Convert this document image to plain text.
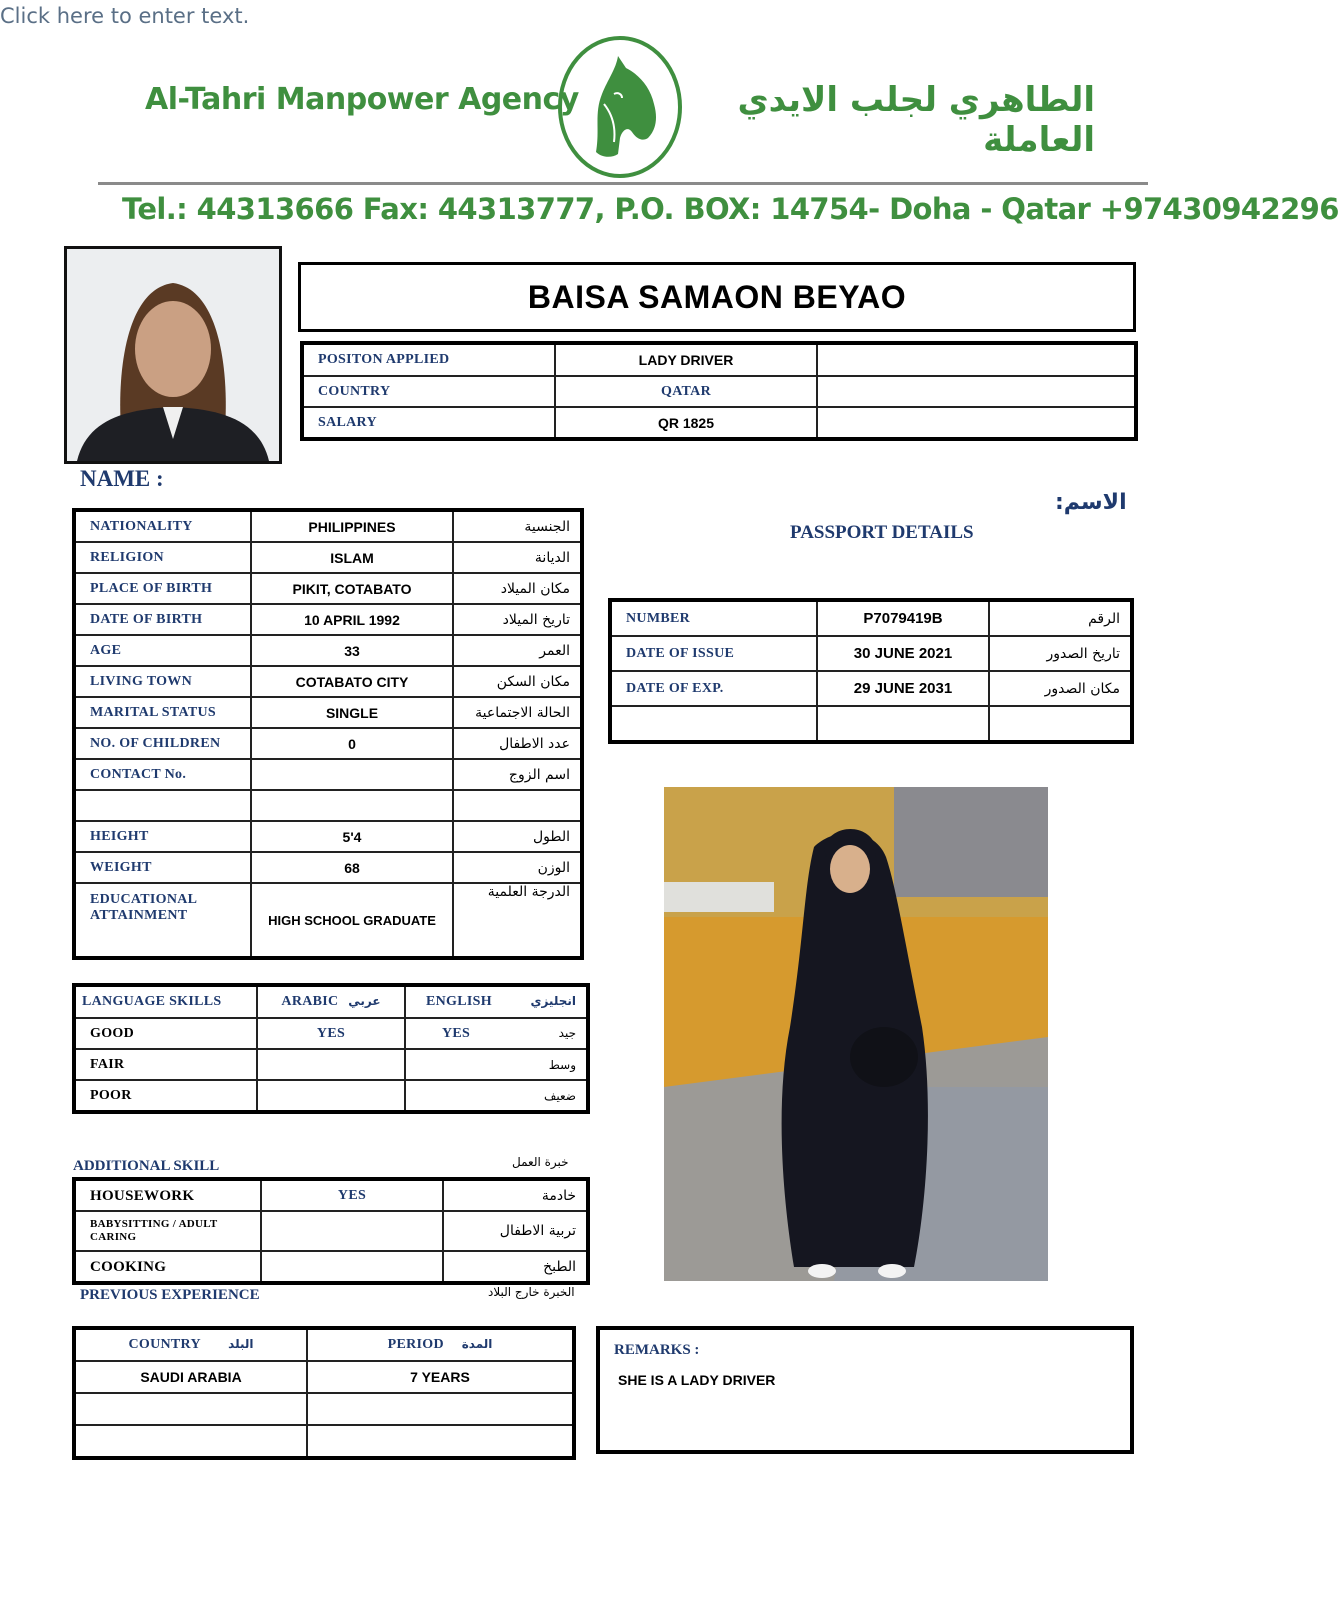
Click here to enter text.
Al-Tahri Manpower Agency	الطاهري لجلب الايدي العاملة
Tel.: 44313666 Fax: 44313777, P.O. BOX: 14754- Doha - Qatar +97430942296
BAISA SAMAON BEYAO
POSITON APPLIED	LADY DRIVER	
COUNTRY	QATAR	
SALARY	QR 1825	
NAME :
الاسم:
NATIONALITY	PHILIPPINES	الجنسية
RELIGION	ISLAM	الديانة
PLACE OF BIRTH	PIKIT, COTABATO	مكان الميلاد
DATE OF BIRTH	10 APRIL 1992	تاريخ الميلاد
AGE	33	العمر
LIVING TOWN	COTABATO CITY	مكان السكن
MARITAL STATUS	SINGLE	الحالة الاجتماعية
NO. OF CHILDREN	0	عدد الاطفال
CONTACT No.		اسم الزوج

HEIGHT	5'4	الطول
WEIGHT	68	الوزن
EDUCATIONAL ATTAINMENT	HIGH SCHOOL GRADUATE	الدرجة العلمية
PASSPORT DETAILS
NUMBER	P7079419B	الرقم
DATE OF ISSUE	30 JUNE 2021	تاريخ الصدور
DATE OF EXP.	29 JUNE 2031	مكان الصدور

LANGUAGE SKILLS	ARABIC عربي	ENGLISH انجليزي

GOOD	YES	YES جيد

FAIR		وسط

POOR		ضعيف
ADDITIONAL SKILL	خبرة العمل
HOUSEWORK	YES	خادمة
BABYSITTING / ADULT CARING		تربية الاطفال
COOKING		الطبخ
PREVIOUS EXPERIENCE	الخبرة خارج البلاد
COUNTRY البلد	PERIOD المدة
SAUDI ARABIA	7 YEARS

REMARKS :
SHE IS A LADY DRIVER
